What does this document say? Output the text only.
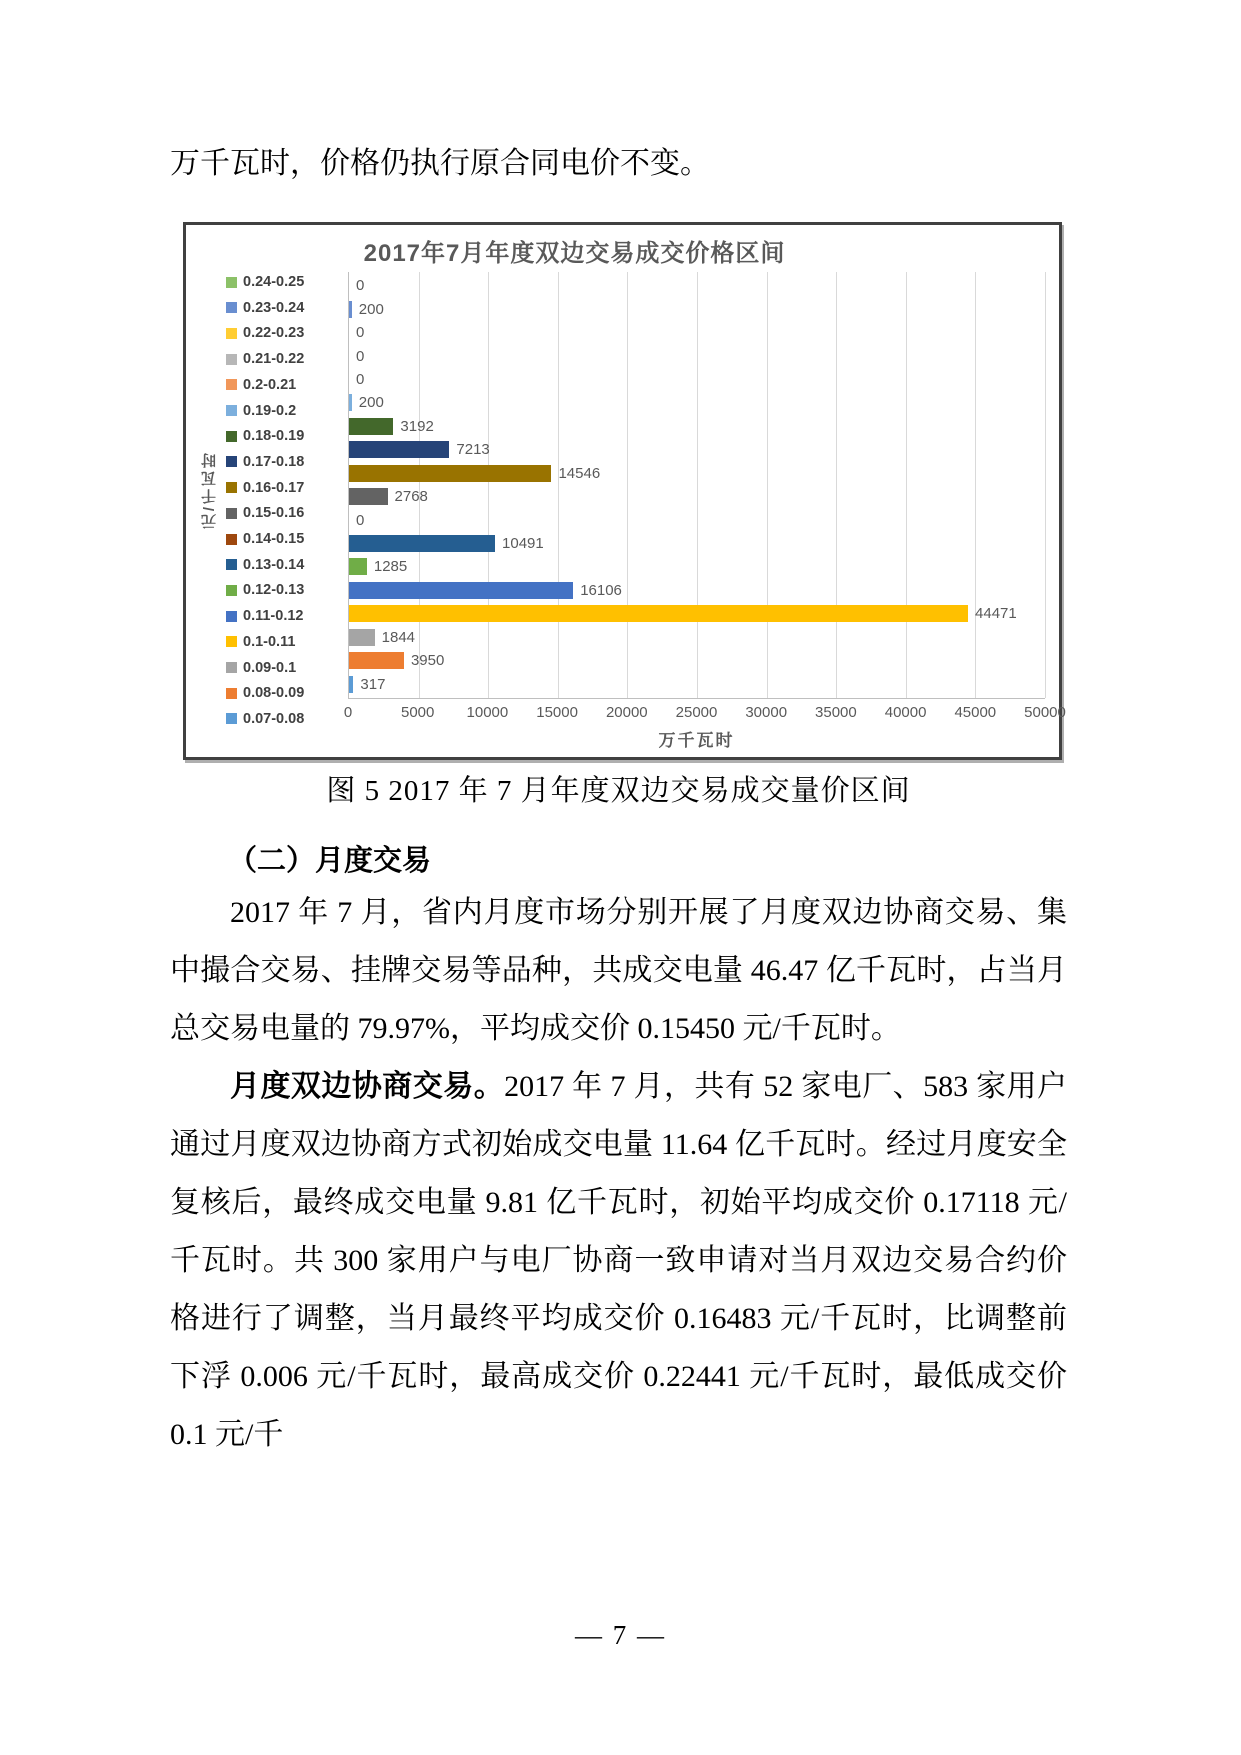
万千瓦时，价格仍执行原合同电价不变。
2017年7月年度双边交易成交价格区间
元/千瓦时
0.24-0.25
0.23-0.24
0.22-0.23
0.21-0.22
0.2-0.21
0.19-0.2
0.18-0.19
0.17-0.18
0.16-0.17
0.15-0.16
0.14-0.15
0.13-0.14
0.12-0.13
0.11-0.12
0.1-0.11
0.09-0.1
0.08-0.09
0.07-0.08
0
200
0
0
0
200
3192
7213
14546
2768
0
10491
1285
16106
44471
1844
3950
317
0	5000 10000 15000 20000 25000 30000 35000 40000 45000 50000
万千瓦时
图 5 2017 年 7 月年度双边交易成交量价区间
（二）月度交易
2017 年 7 月，省内月度市场分别开展了月度双边协商交易、集中撮合交易、挂牌交易等品种，共成交电量 46.47 亿千瓦时，占当月总交易电量的 79.97%，平均成交价 0.15450 元/千瓦时。
月度双边协商交易。2017 年 7 月，共有 52 家电厂、583 家用户通过月度双边协商方式初始成交电量 11.64 亿千瓦时。经过月度安全复核后，最终成交电量 9.81 亿千瓦时，初始平均成交价 0.17118 元/千瓦时。共 300 家用户与电厂协商一致申请对当月双边交易合约价格进行了调整，当月最终平均成交价 0.16483 元/千瓦时，比调整前下浮 0.006 元/千瓦时，最高成交价 0.22441 元/千瓦时，最低成交价 0.1 元/千
— 7 —
